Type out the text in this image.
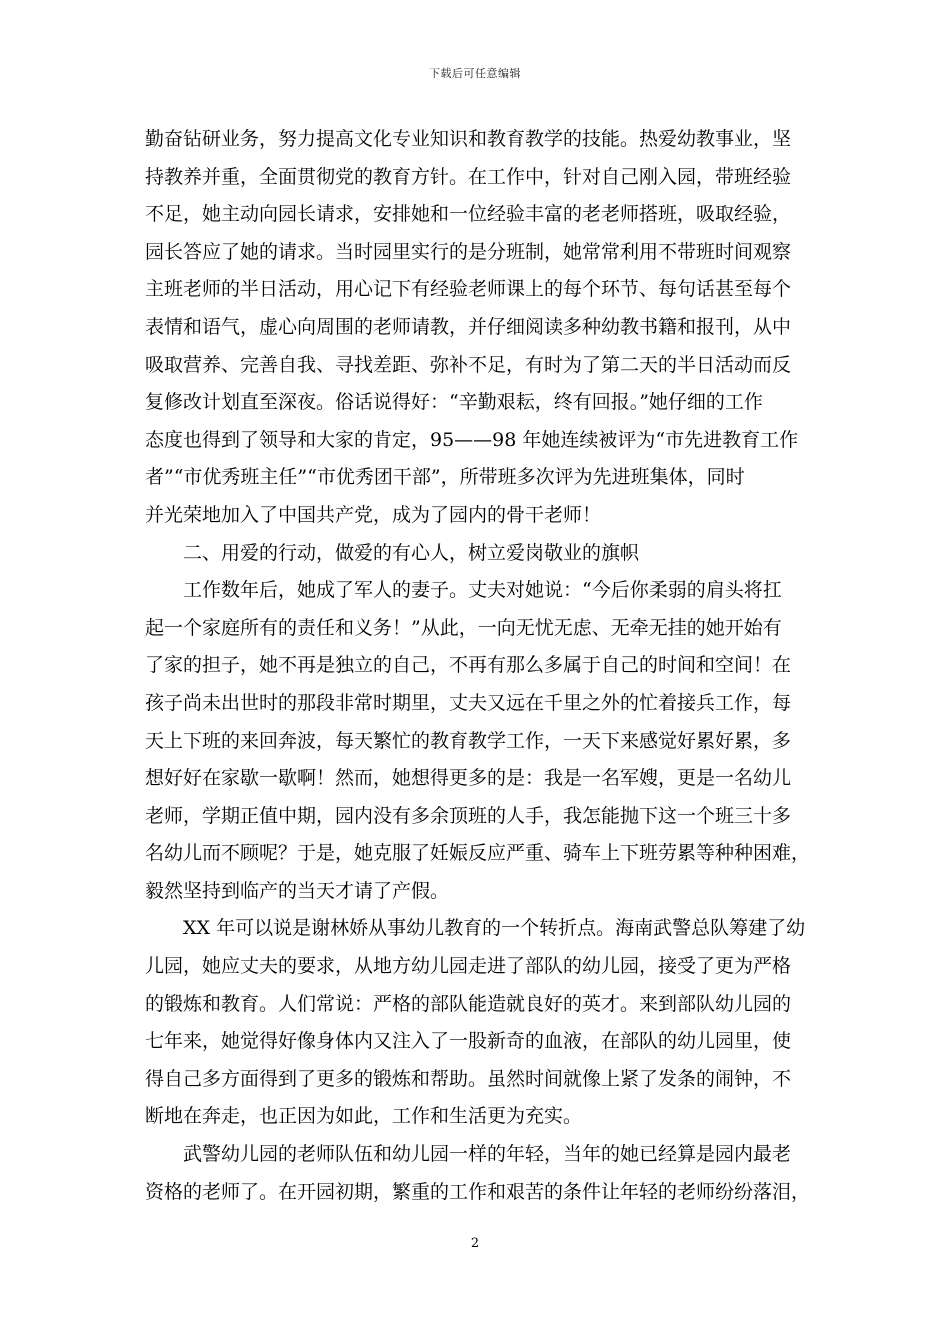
下载后可任意编辑
勤奋钻研业务，努力提高文化专业知识和教育教学的技能。热爱幼教事业，坚
持教养并重，全面贯彻党的教育方针。在工作中，针对自己刚入园，带班经验
不足，她主动向园长请求，安排她和一位经验丰富的老老师搭班，吸取经验，
园长答应了她的请求。当时园里实行的是分班制，她常常利用不带班时间观察
主班老师的半日活动，用心记下有经验老师课上的每个环节、每句话甚至每个
表情和语气，虚心向周围的老师请教，并仔细阅读多种幼教书籍和报刊，从中
吸取营养、完善自我、寻找差距、弥补不足，有时为了第二天的半日活动而反
复修改计划直至深夜。俗话说得好：“辛勤艰耘，终有回报。”她仔细的工作
态度也得到了领导和大家的肯定，95——98 年她连续被评为“市先进教育工作
者”“市优秀班主任”“市优秀团干部”，所带班多次评为先进班集体，同时
并光荣地加入了中国共产党，成为了园内的骨干老师！
二、用爱的行动，做爱的有心人，树立爱岗敬业的旗帜
工作数年后，她成了军人的妻子。丈夫对她说：“今后你柔弱的肩头将扛
起一个家庭所有的责任和义务！”从此，一向无忧无虑、无牵无挂的她开始有
了家的担子，她不再是独立的自己，不再有那么多属于自己的时间和空间！在
孩子尚未出世时的那段非常时期里，丈夫又远在千里之外的忙着接兵工作，每
天上下班的来回奔波，每天繁忙的教育教学工作，一天下来感觉好累好累，多
想好好在家歇一歇啊！然而，她想得更多的是：我是一名军嫂，更是一名幼儿
老师，学期正值中期，园内没有多余顶班的人手，我怎能抛下这一个班三十多
名幼儿而不顾呢？于是，她克服了妊娠反应严重、骑车上下班劳累等种种困难，
毅然坚持到临产的当天才请了产假。
XX 年可以说是谢林娇从事幼儿教育的一个转折点。海南武警总队筹建了幼
儿园，她应丈夫的要求，从地方幼儿园走进了部队的幼儿园，接受了更为严格
的锻炼和教育。人们常说：严格的部队能造就良好的英才。来到部队幼儿园的
七年来，她觉得好像身体内又注入了一股新奇的血液，在部队的幼儿园里，使
得自己多方面得到了更多的锻炼和帮助。虽然时间就像上紧了发条的闹钟，不
断地在奔走，也正因为如此，工作和生活更为充实。
武警幼儿园的老师队伍和幼儿园一样的年轻，当年的她已经算是园内最老
资格的老师了。在开园初期，繁重的工作和艰苦的条件让年轻的老师纷纷落泪，
2
